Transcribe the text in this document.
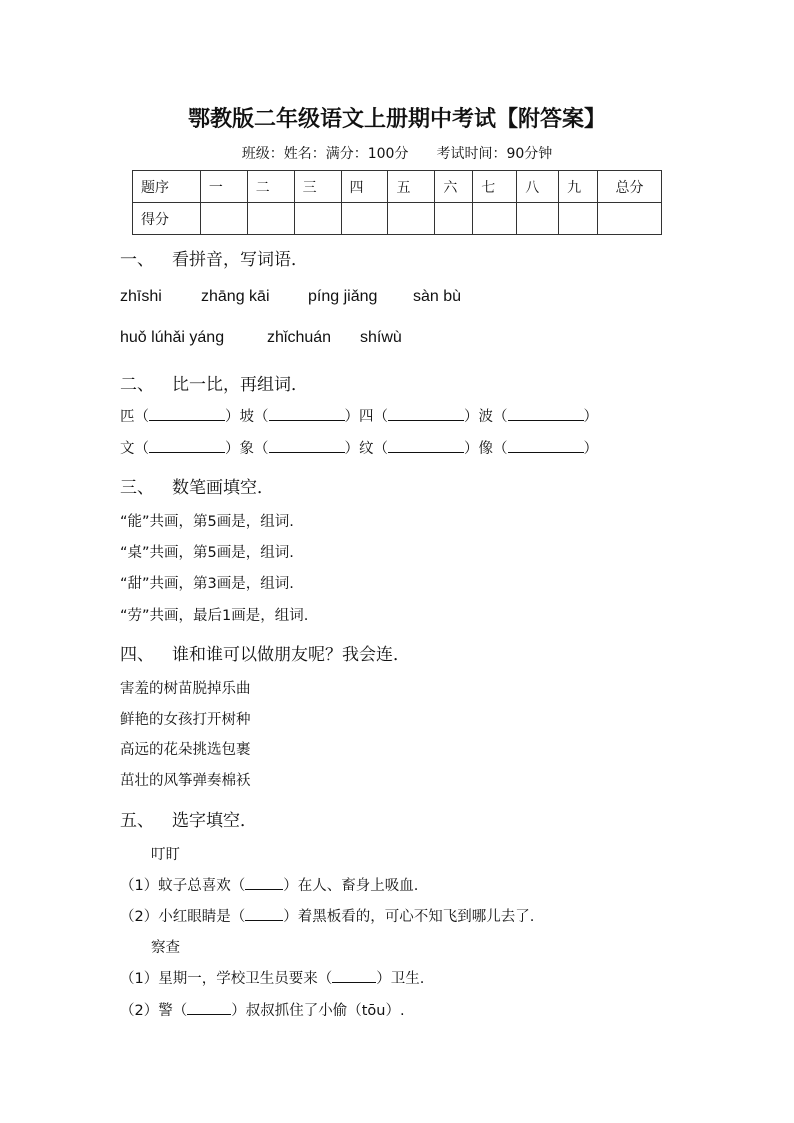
鄂教版二年级语文上册期中考试【附答案】
班级：姓名：满分：100分　　考试时间：90分钟
题序	一	二	三	四	五	六	七	八	九	总分
得分										
一、 看拼音，写词语．
zhīshi zhāng kāi píng jiǎng sàn bù
huǒ lúhǎi yáng	zhǐchuán shíwù
二、 比一比，再组词．
匹（	）坡（	）四（	）波（	）
文（	）象（	）纹（	）像（	）
三、 数笔画填空．
“能”共画，第5画是，组词.
“桌”共画，第5画是，组词.
“甜”共画，第3画是，组词.
“劳”共画，最后1画是，组词.
四、 谁和谁可以做朋友呢？我会连．
害羞的树苗脱掉乐曲
鲜艳的女孩打开树种
高远的花朵挑选包裹
茁壮的风筝弹奏棉袄
五、 选字填空．
叮盯
（1）蚊子总喜欢（	）在人、畜身上吸血.
（2）小红眼睛是（	）着黑板看的，可心不知飞到哪儿去了.
察查
（1）星期一，学校卫生员要来（	）卫生.
（2）警（	）叔叔抓住了小偷（tōu）.
